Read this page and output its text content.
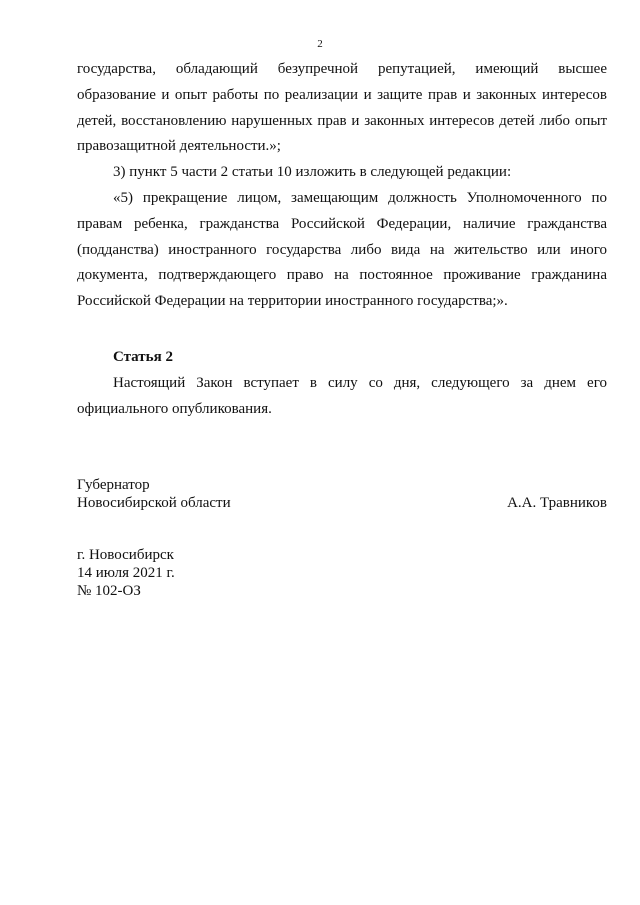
2

государства, обладающий безупречной репутацией, имеющий высшее образование и опыт работы по реализации и защите прав и законных интересов детей, восстановлению нарушенных прав и законных интересов детей либо опыт правозащитной деятельности.»;

3) пункт 5 части 2 статьи 10 изложить в следующей редакции:

«5) прекращение лицом, замещающим должность Уполномоченного по правам ребенка, гражданства Российской Федерации, наличие гражданства (подданства) иностранного государства либо вида на жительство или иного документа, подтверждающего право на постоянное проживание гражданина Российской Федерации на территории иностранного государства;».

Статья 2

Настоящий Закон вступает в силу со дня, следующего за днем его официального опубликования.

Губернатор
Новосибирской области	А.А. Травников
г. Новосибирск
14 июля 2021 г.
№ 102-ОЗ
